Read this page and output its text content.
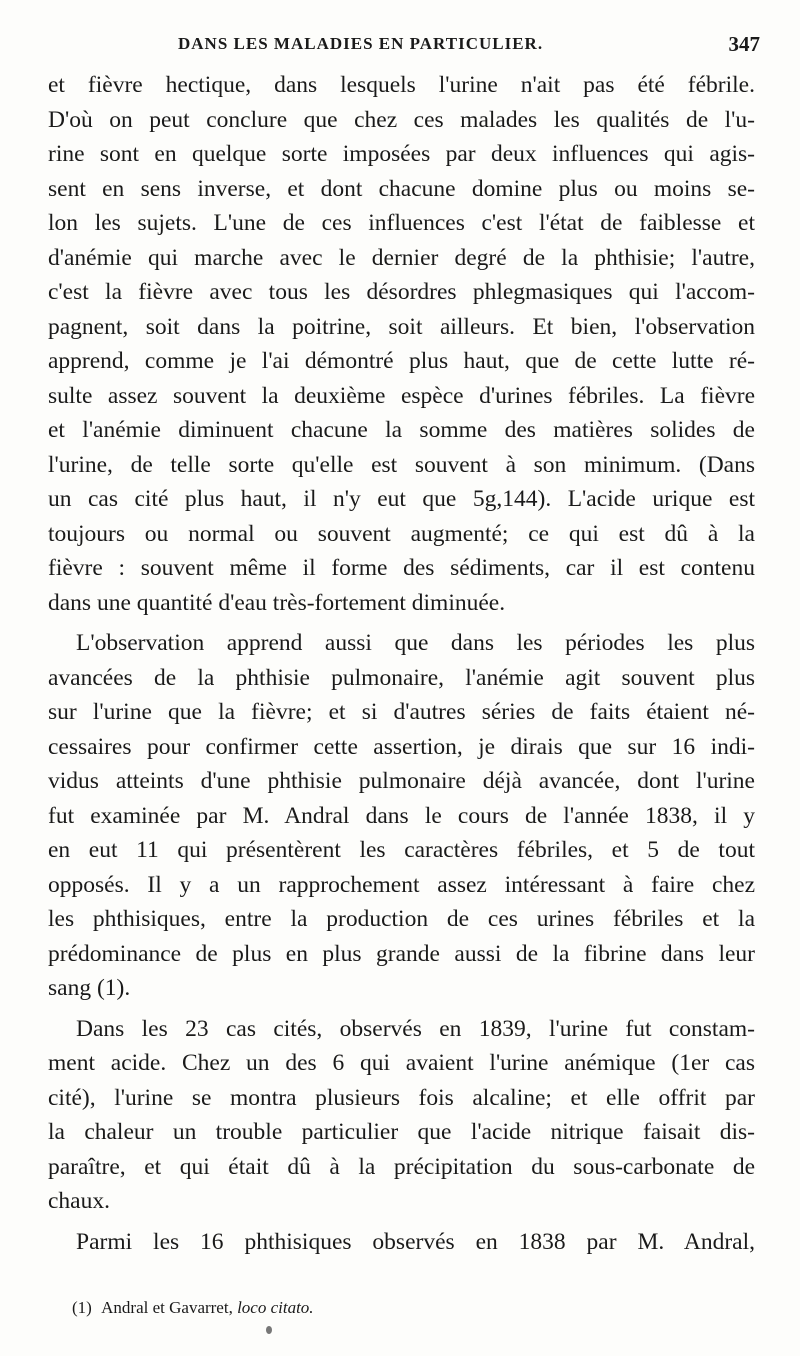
DANS LES MALADIES EN PARTICULIER.	347
et fièvre hectique, dans lesquels l'urine n'ait pas été fébrile.
D'où on peut conclure que chez ces malades les qualités de l'u-
rine sont en quelque sorte imposées par deux influences qui agis-
sent en sens inverse, et dont chacune domine plus ou moins se-
lon les sujets. L'une de ces influences c'est l'état de faiblesse et
d'anémie qui marche avec le dernier degré de la phthisie; l'autre,
c'est la fièvre avec tous les désordres phlegmasiques qui l'accom-
pagnent, soit dans la poitrine, soit ailleurs. Et bien, l'observation
apprend, comme je l'ai démontré plus haut, que de cette lutte ré-
sulte assez souvent la deuxième espèce d'urines fébriles. La fièvre
et l'anémie diminuent chacune la somme des matières solides de
l'urine, de telle sorte qu'elle est souvent à son minimum. (Dans
un cas cité plus haut, il n'y eut que 5g,144). L'acide urique est
toujours ou normal ou souvent augmenté; ce qui est dû à la
fièvre : souvent même il forme des sédiments, car il est contenu
dans une quantité d'eau très-fortement diminuée.
L'observation apprend aussi que dans les périodes les plus
avancées de la phthisie pulmonaire, l'anémie agit souvent plus
sur l'urine que la fièvre; et si d'autres séries de faits étaient né-
cessaires pour confirmer cette assertion, je dirais que sur 16 indi-
vidus atteints d'une phthisie pulmonaire déjà avancée, dont l'urine
fut examinée par M. Andral dans le cours de l'année 1838, il y
en eut 11 qui présentèrent les caractères fébriles, et 5 de tout
opposés. Il y a un rapprochement assez intéressant à faire chez
les phthisiques, entre la production de ces urines fébriles et la
prédominance de plus en plus grande aussi de la fibrine dans leur
sang (1).
Dans les 23 cas cités, observés en 1839, l'urine fut constam-
ment acide. Chez un des 6 qui avaient l'urine anémique (1er cas
cité), l'urine se montra plusieurs fois alcaline; et elle offrit par
la chaleur un trouble particulier que l'acide nitrique faisait dis-
paraître, et qui était dû à la précipitation du sous-carbonate de
chaux.
Parmi les 16 phthisiques observés en 1838 par M. Andral,
(1) Andral et Gavarret, loco citato.
